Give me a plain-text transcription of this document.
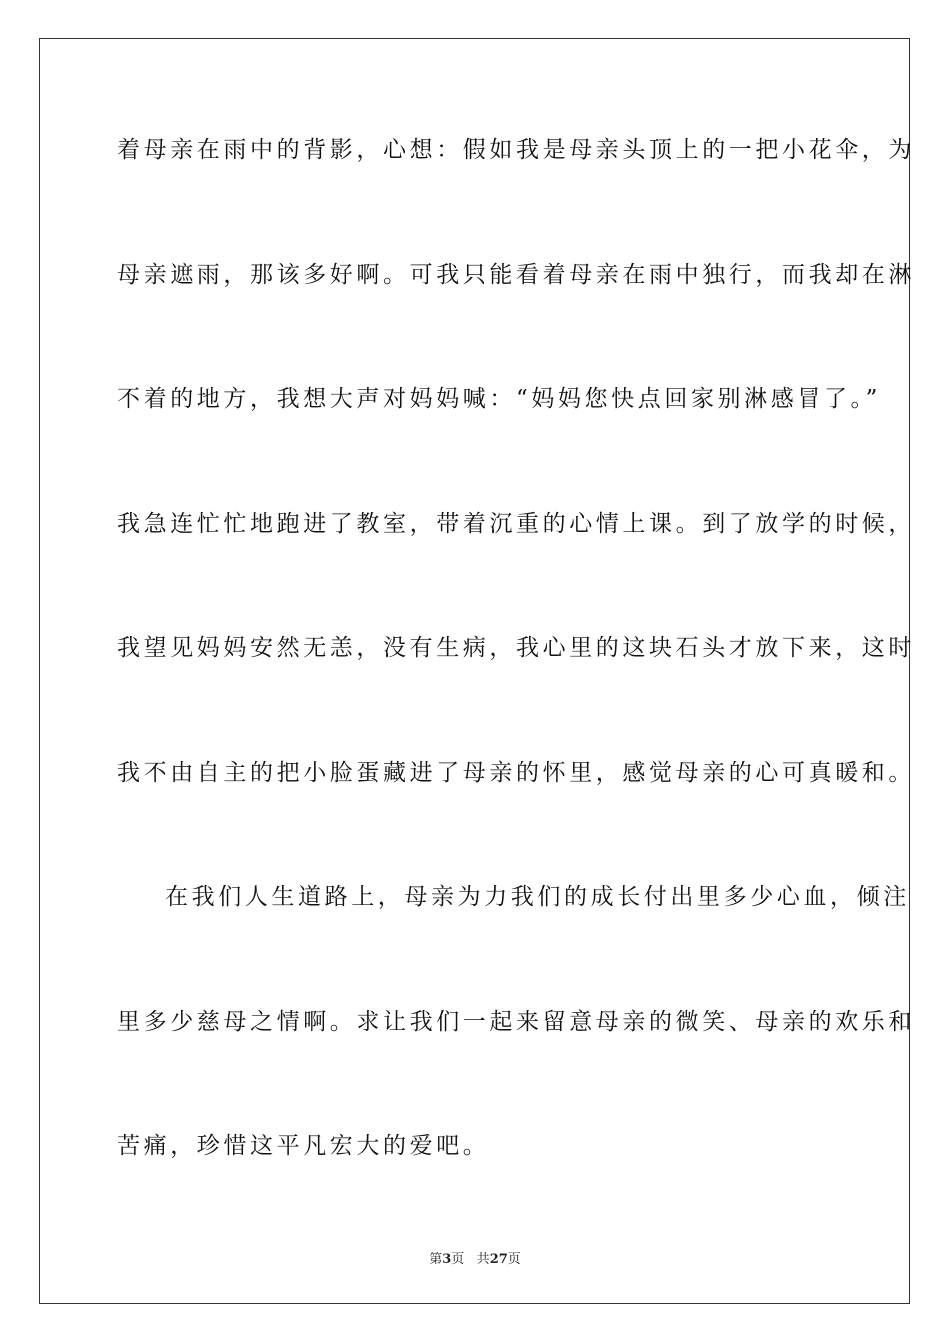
着母亲在雨中的背影，心想：假如我是母亲头顶上的一把小花伞，为
母亲遮雨，那该多好啊。可我只能看着母亲在雨中独行，而我却在淋
不着的地方，我想大声对妈妈喊：“妈妈您快点回家别淋感冒了。”
我急连忙忙地跑进了教室，带着沉重的心情上课。到了放学的时候，
我望见妈妈安然无恙，没有生病，我心里的这块石头才放下来，这时
我不由自主的把小脸蛋藏进了母亲的怀里，感觉母亲的心可真暖和。
在我们人生道路上，母亲为力我们的成长付出里多少心血，倾注
里多少慈母之情啊。求让我们一起来留意母亲的微笑、母亲的欢乐和
苦痛，珍惜这平凡宏大的爱吧。
第3页 共27页
